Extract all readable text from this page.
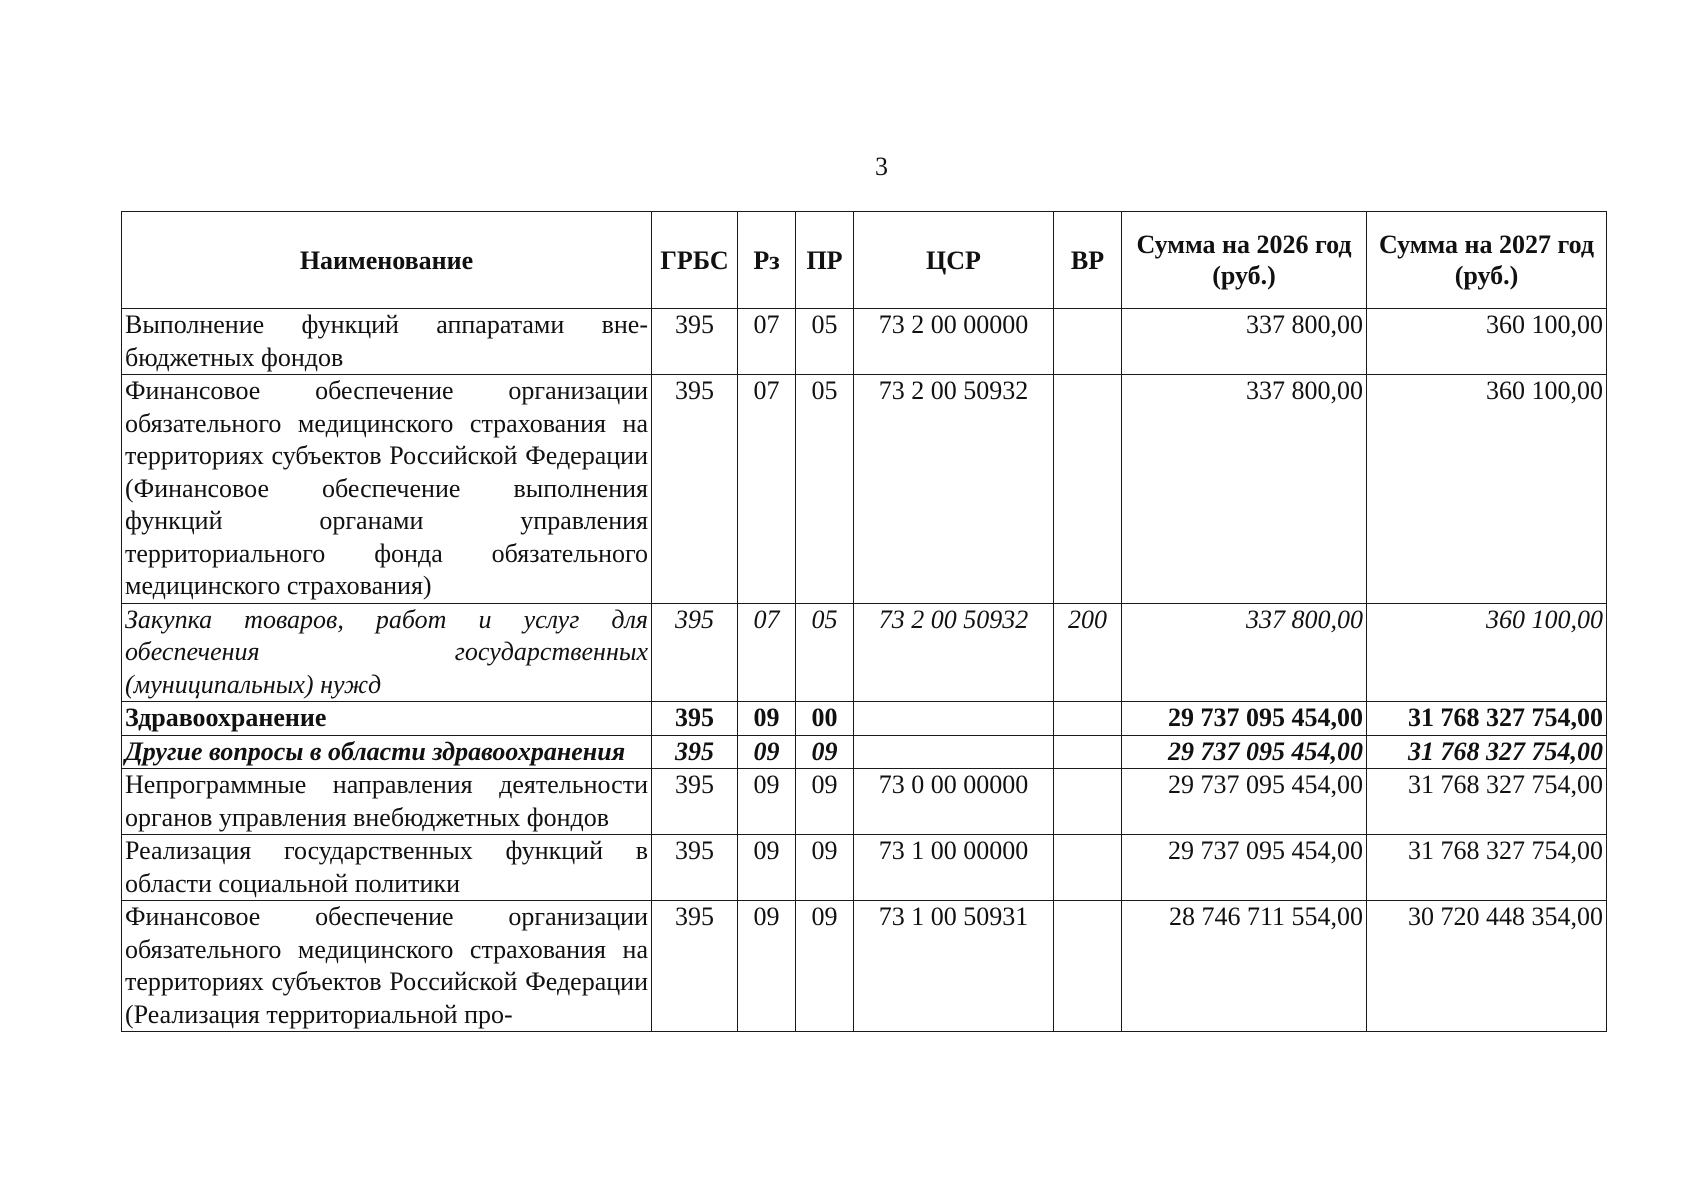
3
Наименование	ГРБС	Рз	ПР	ЦСР	ВР	Сумма на 2026 год (руб.)	Сумма на 2027 год (руб.)
Выполнение функций аппаратами вне-бюджетных фондов	395	07	05	73 2 00 00000		337 800,00	360 100,00
Финансовое обеспечение организации обязательного медицинского страхования на территориях субъектов Российской Федерации (Финансовое обеспечение выполнения функций органами управления территориального фонда обязательного медицинского страхования)	395	07	05	73 2 00 50932		337 800,00	360 100,00
Закупка товаров, работ и услуг для обеспечения государственных (муниципальных) нужд	395	07	05	73 2 00 50932	200	337 800,00	360 100,00
Здравоохранение	395	09	00			29 737 095 454,00	31 768 327 754,00
Другие вопросы в области здравоохранения	395	09	09			29 737 095 454,00	31 768 327 754,00
Непрограммные направления деятельности органов управления внебюджетных фондов	395	09	09	73 0 00 00000		29 737 095 454,00	31 768 327 754,00
Реализация государственных функций в области социальной политики	395	09	09	73 1 00 00000		29 737 095 454,00	31 768 327 754,00
Финансовое обеспечение организации обязательного медицинского страхования на территориях субъектов Российской Федерации (Реализация территориальной про-	395	09	09	73 1 00 50931		28 746 711 554,00	30 720 448 354,00
